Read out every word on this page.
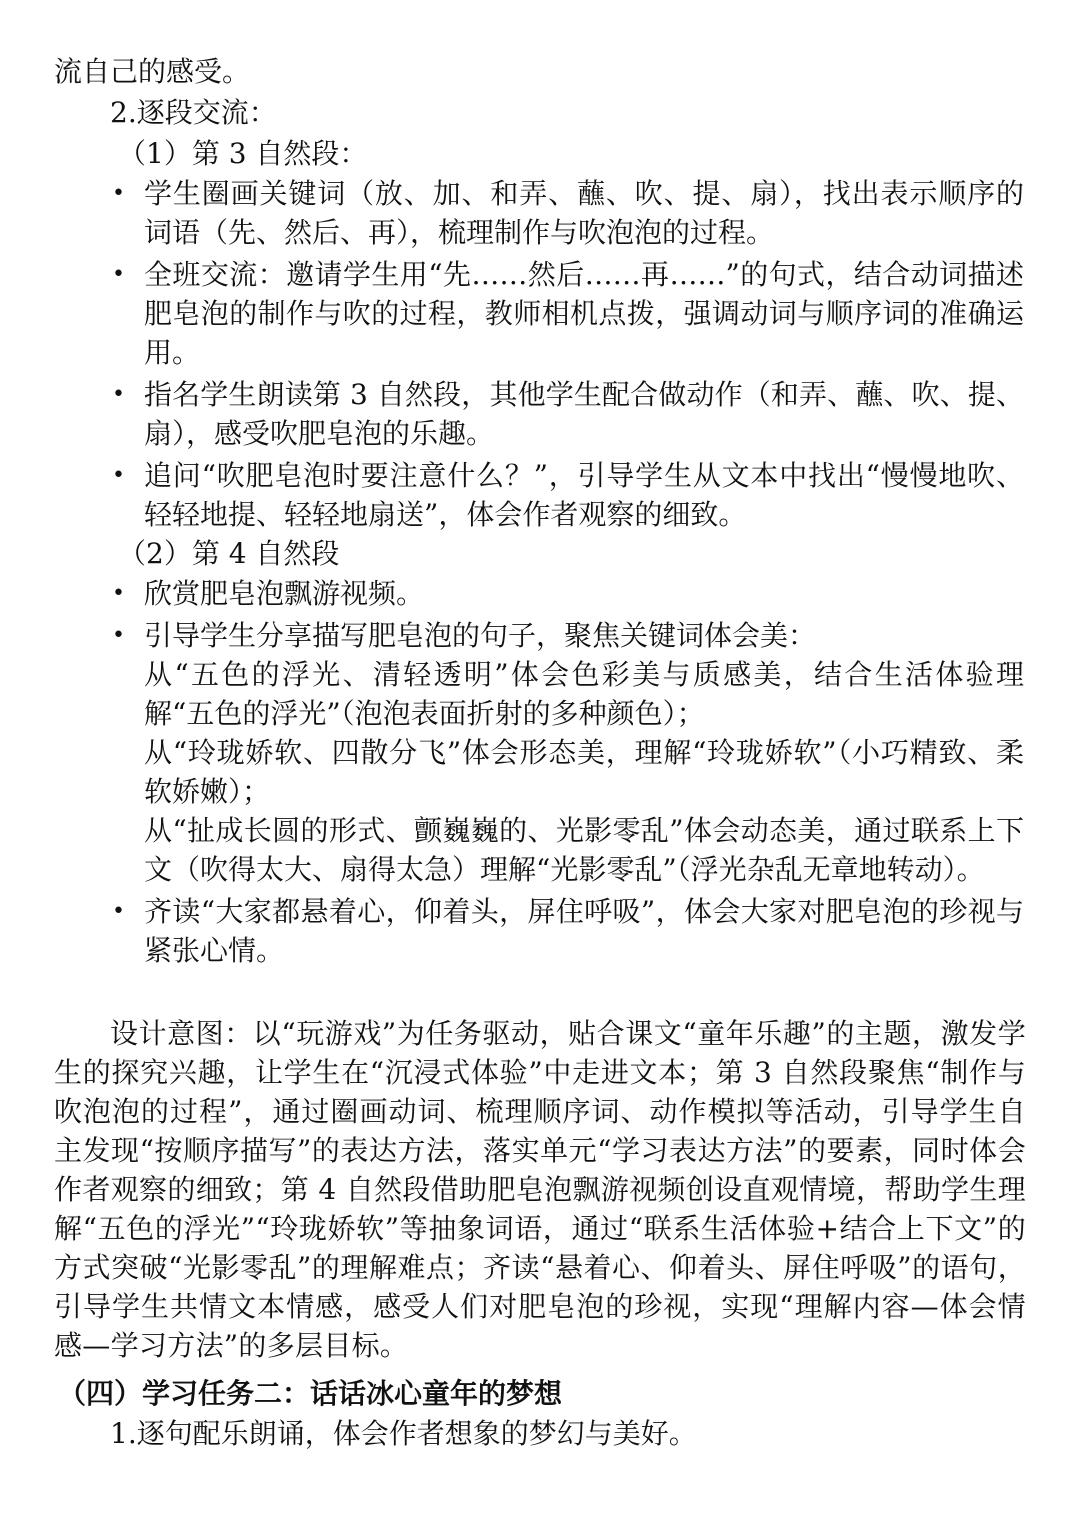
流自己的感受。

2.逐段交流：

（1）第 3 自然段：

• 学生圈画关键词（放、加、和弄、蘸、吹、提、扇），找出表示顺序的词语（先、然后、再），梳理制作与吹泡泡的过程。
• 全班交流：邀请学生用“先……然后……再……”的句式，结合动词描述肥皂泡的制作与吹的过程，教师相机点拨，强调动词与顺序词的准确运用。
• 指名学生朗读第 3 自然段，其他学生配合做动作（和弄、蘸、吹、提、扇），感受吹肥皂泡的乐趣。
• 追问“吹肥皂泡时要注意什么？”，引导学生从文本中找出“慢慢地吹、轻轻地提、轻轻地扇送”，体会作者观察的细致。

（2）第 4 自然段

• 欣赏肥皂泡飘游视频。
• 引导学生分享描写肥皂泡的句子，聚焦关键词体会美：
从“五色的浮光、清轻透明”体会色彩美与质感美，结合生活体验理解“五色的浮光”（泡泡表面折射的多种颜色）；
从“玲珑娇软、四散分飞”体会形态美，理解“玲珑娇软”（小巧精致、柔软娇嫩）；
从“扯成长圆的形式、颤巍巍的、光影零乱”体会动态美，通过联系上下文（吹得太大、扇得太急）理解“光影零乱”（浮光杂乱无章地转动）。
• 齐读“大家都悬着心，仰着头，屏住呼吸”，体会大家对肥皂泡的珍视与紧张心情。

设计意图：以“玩游戏”为任务驱动，贴合课文“童年乐趣”的主题，激发学生的探究兴趣，让学生在“沉浸式体验”中走进文本；第 3 自然段聚焦“制作与吹泡泡的过程”，通过圈画动词、梳理顺序词、动作模拟等活动，引导学生自主发现“按顺序描写”的表达方法，落实单元“学习表达方法”的要素，同时体会作者观察的细致；第 4 自然段借助肥皂泡飘游视频创设直观情境，帮助学生理解“五色的浮光”“玲珑娇软”等抽象词语，通过“联系生活体验+结合上下文”的方式突破“光影零乱”的理解难点；齐读“悬着心、仰着头、屏住呼吸”的语句，引导学生共情文本情感，感受人们对肥皂泡的珍视，实现“理解内容—体会情感—学习方法”的多层目标。

（四）学习任务二：话话冰心童年的梦想

1.逐句配乐朗诵，体会作者想象的梦幻与美好。
